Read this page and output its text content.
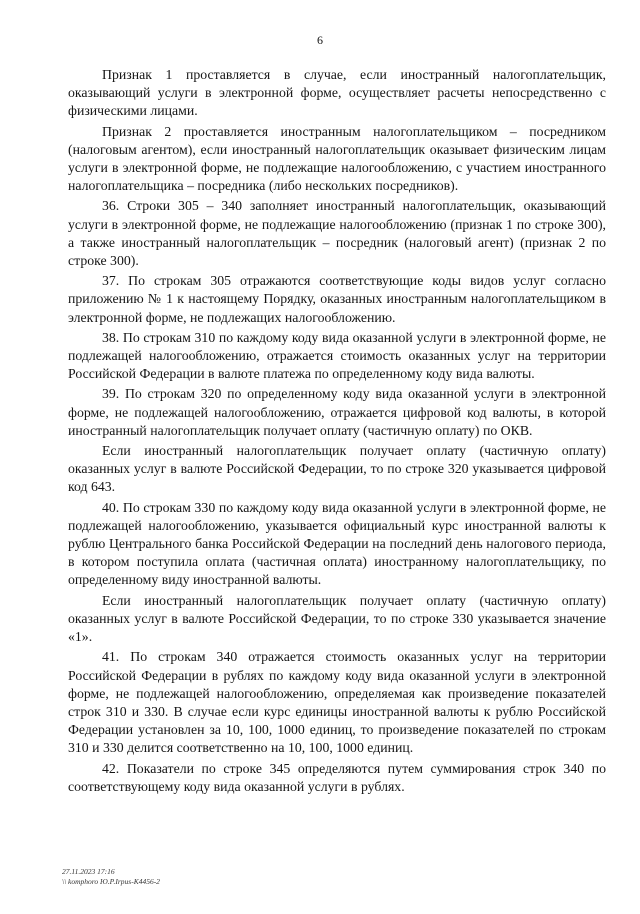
6

Признак 1 проставляется в случае, если иностранный налогоплательщик, оказывающий услуги в электронной форме, осуществляет расчеты непосредственно с физическими лицами.

Признак 2 проставляется иностранным налогоплательщиком – посредником (налоговым агентом), если иностранный налогоплательщик оказывает физическим лицам услуги в электронной форме, не подлежащие налогообложению, с участием иностранного налогоплательщика – посредника (либо нескольких посредников).

36. Строки 305 – 340 заполняет иностранный налогоплательщик, оказывающий услуги в электронной форме, не подлежащие налогообложению (признак 1 по строке 300), а также иностранный налогоплательщик – посредник (налоговый агент) (признак 2 по строке 300).

37. По строкам 305 отражаются соответствующие коды видов услуг согласно приложению № 1 к настоящему Порядку, оказанных иностранным налогоплательщиком в электронной форме, не подлежащих налогообложению.

38. По строкам 310 по каждому коду вида оказанной услуги в электронной форме, не подлежащей налогообложению, отражается стоимость оказанных услуг на территории Российской Федерации в валюте платежа по определенному коду вида валюты.

39. По строкам 320 по определенному коду вида оказанной услуги в электронной форме, не подлежащей налогообложению, отражается цифровой код валюты, в которой иностранный налогоплательщик получает оплату (частичную оплату) по ОКВ.

Если иностранный налогоплательщик получает оплату (частичную оплату) оказанных услуг в валюте Российской Федерации, то по строке 320 указывается цифровой код 643.

40. По строкам 330 по каждому коду вида оказанной услуги в электронной форме, не подлежащей налогообложению, указывается официальный курс иностранной валюты к рублю Центрального банка Российской Федерации на последний день налогового периода, в котором поступила оплата (частичная оплата) иностранному налогоплательщику, по определенному виду иностранной валюты.

Если иностранный налогоплательщик получает оплату (частичную оплату) оказанных услуг в валюте Российской Федерации, то по строке 330 указывается значение «1».

41. По строкам 340 отражается стоимость оказанных услуг на территории Российской Федерации в рублях по каждому коду вида оказанной услуги в электронной форме, не подлежащей налогообложению, определяемая как произведение показателей строк 310 и 330. В случае если курс единицы иностранной валюты к рублю Российской Федерации установлен за 10, 100, 1000 единиц, то произведение показателей по строкам 310 и 330 делится соответственно на 10, 100, 1000 единиц.

42. Показатели по строке 345 определяются путем суммирования строк 340 по соответствующему коду вида оказанной услуги в рублях.

27.11.2023 17:16
\\ komphoro Ю.Р.Irpus-К4456-2
